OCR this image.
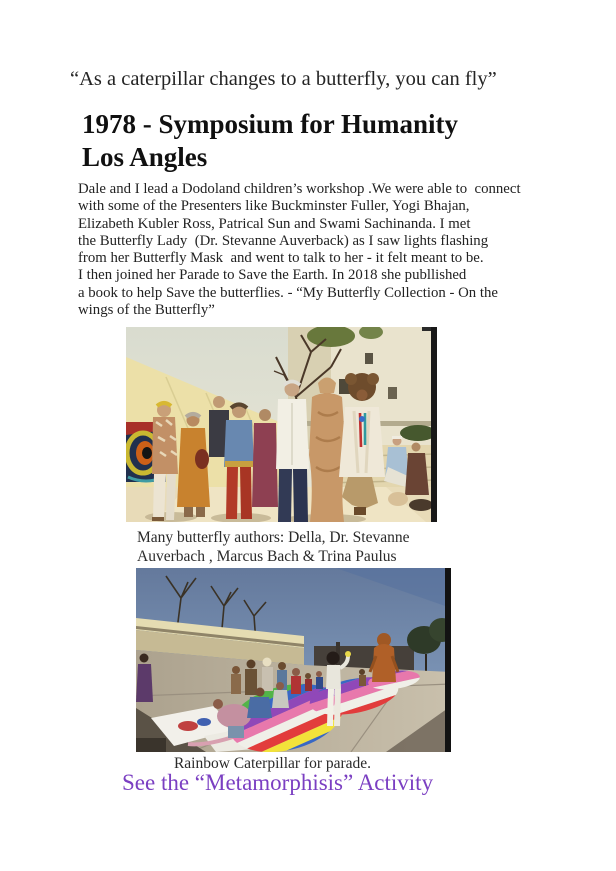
“As a caterpillar changes to a butterfly, you can fly”
1978 - Symposium for Humanity
Los Angles
Dale and I lead a Dodoland children’s workshop .We were able to  connect
with some of the Presenters like Buckminster Fuller, Yogi Bhajan,
Elizabeth Kubler Ross, Patrical Sun and Swami Sachinanda. I met
the Butterfly Lady  (Dr. Stevanne Auverback) as I saw lights flashing
from her Butterfly Mask  and went to talk to her - it felt meant to be.
I then joined her Parade to Save the Earth. In 2018 she publlished
a book to help Save the butterflies. - “My Butterfly Collection - On the
wings of the Butterfly”
Many butterfly authors: Della, Dr. Stevanne
Auverbach , Marcus Bach & Trina Paulus
Rainbow Caterpillar for parade.
See the “Metamorphisis” Activity
